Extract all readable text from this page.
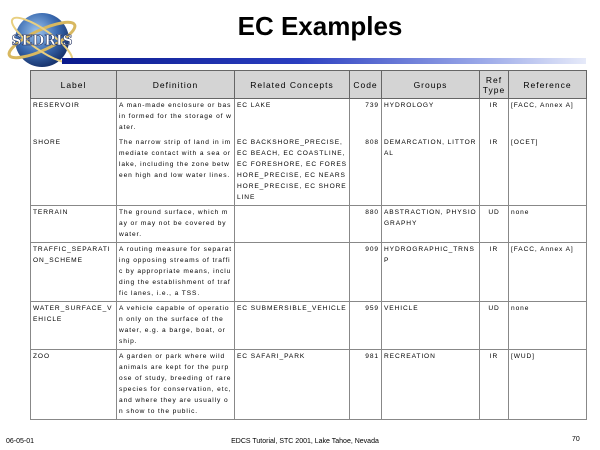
SEDRIS	EC Examples
Label	Definition	Related Concepts	Code	Groups	Ref Type	Reference
RESERVOIR	A man-made enclosure or basin formed for the storage of water.	EC LAKE	739	HYDROLOGY	IR	[FACC, Annex A]
SHORE	The narrow strip of land in immediate contact with a sea or lake, including the zone between high and low water lines.	EC BACKSHORE_PRECISE, EC BEACH, EC COASTLINE, EC FORESHORE, EC FORESHORE_PRECISE, EC NEARSHORE_PRECISE, EC SHORELINE	808	DEMARCATION, LITTORAL	IR	[OCET]
TERRAIN	The ground surface, which may or may not be covered by water.		880	ABSTRACTION, PHYSIOGRAPHY	UD	none
TRAFFIC_SEPARATION_SCHEME	A routing measure for separating opposing streams of traffic by appropriate means, including the establishment of traffic lanes, i.e., a TSS.		909	HYDROGRAPHIC_TRNSP	IR	[FACC, Annex A]
WATER_SURFACE_VEHICLE	A vehicle capable of operation only on the surface of the water, e.g. a barge, boat, or ship.	EC SUBMERSIBLE_VEHICLE	959	VEHICLE	UD	none
ZOO	A garden or park where wild animals are kept for the purpose of study, breeding of rare species for conservation, etc, and where they are usually on show to the public.	EC SAFARI_PARK	981	RECREATION	IR	[WUD]
06-05-01	EDCS Tutorial, STC 2001, Lake Tahoe, Nevada	70
